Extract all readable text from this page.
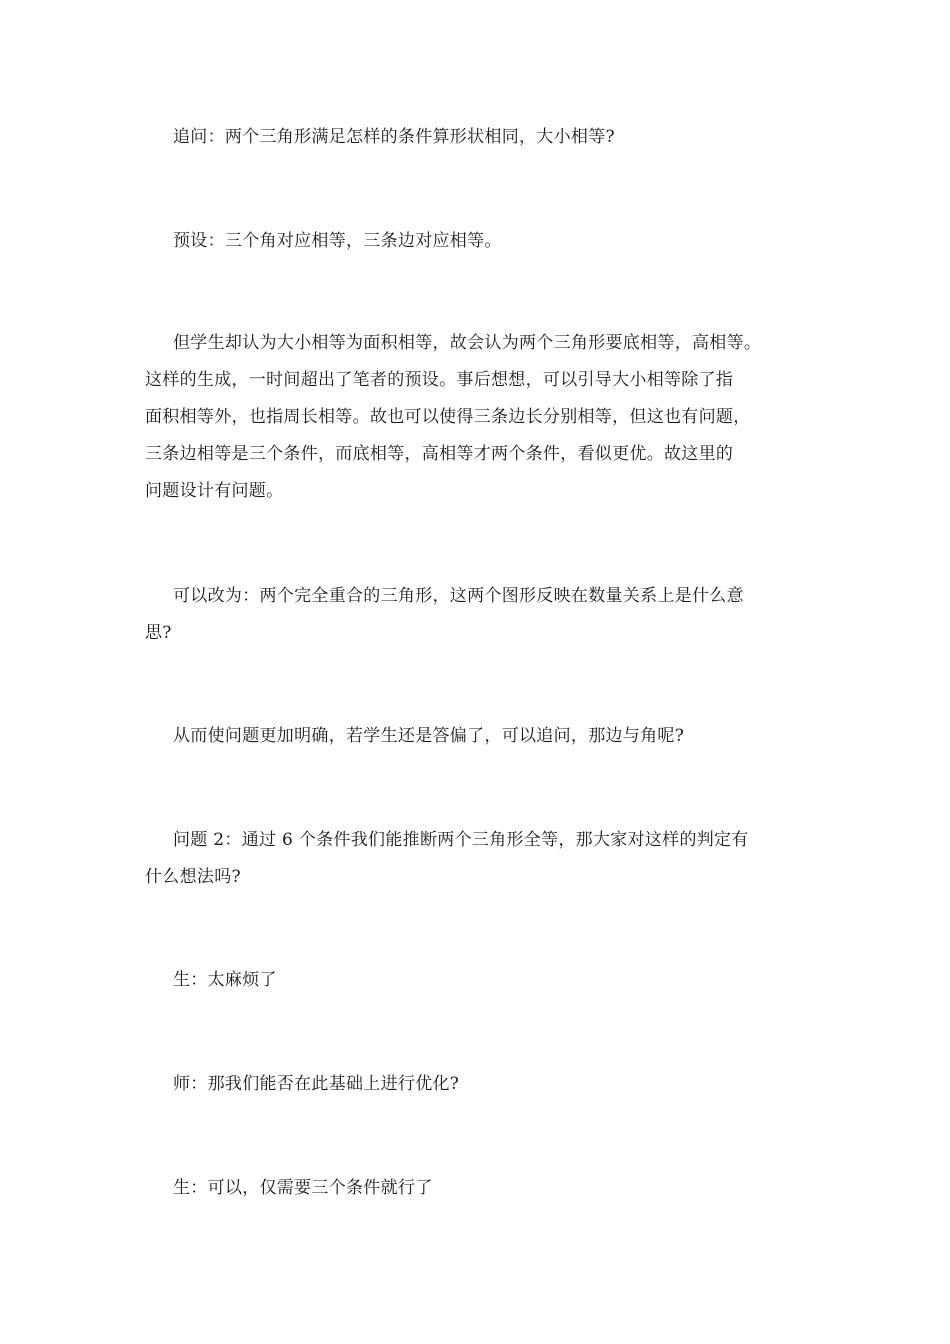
追问：两个三角形满足怎样的条件算形状相同，大小相等?
预设：三个角对应相等，三条边对应相等。
但学生却认为大小相等为面积相等，故会认为两个三角形要底相等，高相等。
这样的生成，一时间超出了笔者的预设。事后想想，可以引导大小相等除了指
面积相等外，也指周长相等。故也可以使得三条边长分别相等，但这也有问题，
三条边相等是三个条件，而底相等，高相等才两个条件，看似更优。故这里的
问题设计有问题。
可以改为：两个完全重合的三角形，这两个图形反映在数量关系上是什么意
思?
从而使问题更加明确，若学生还是答偏了，可以追问，那边与角呢?
问题 2：通过 6 个条件我们能推断两个三角形全等，那大家对这样的判定有
什么想法吗?
生：太麻烦了
师：那我们能否在此基础上进行优化?
生：可以，仅需要三个条件就行了
